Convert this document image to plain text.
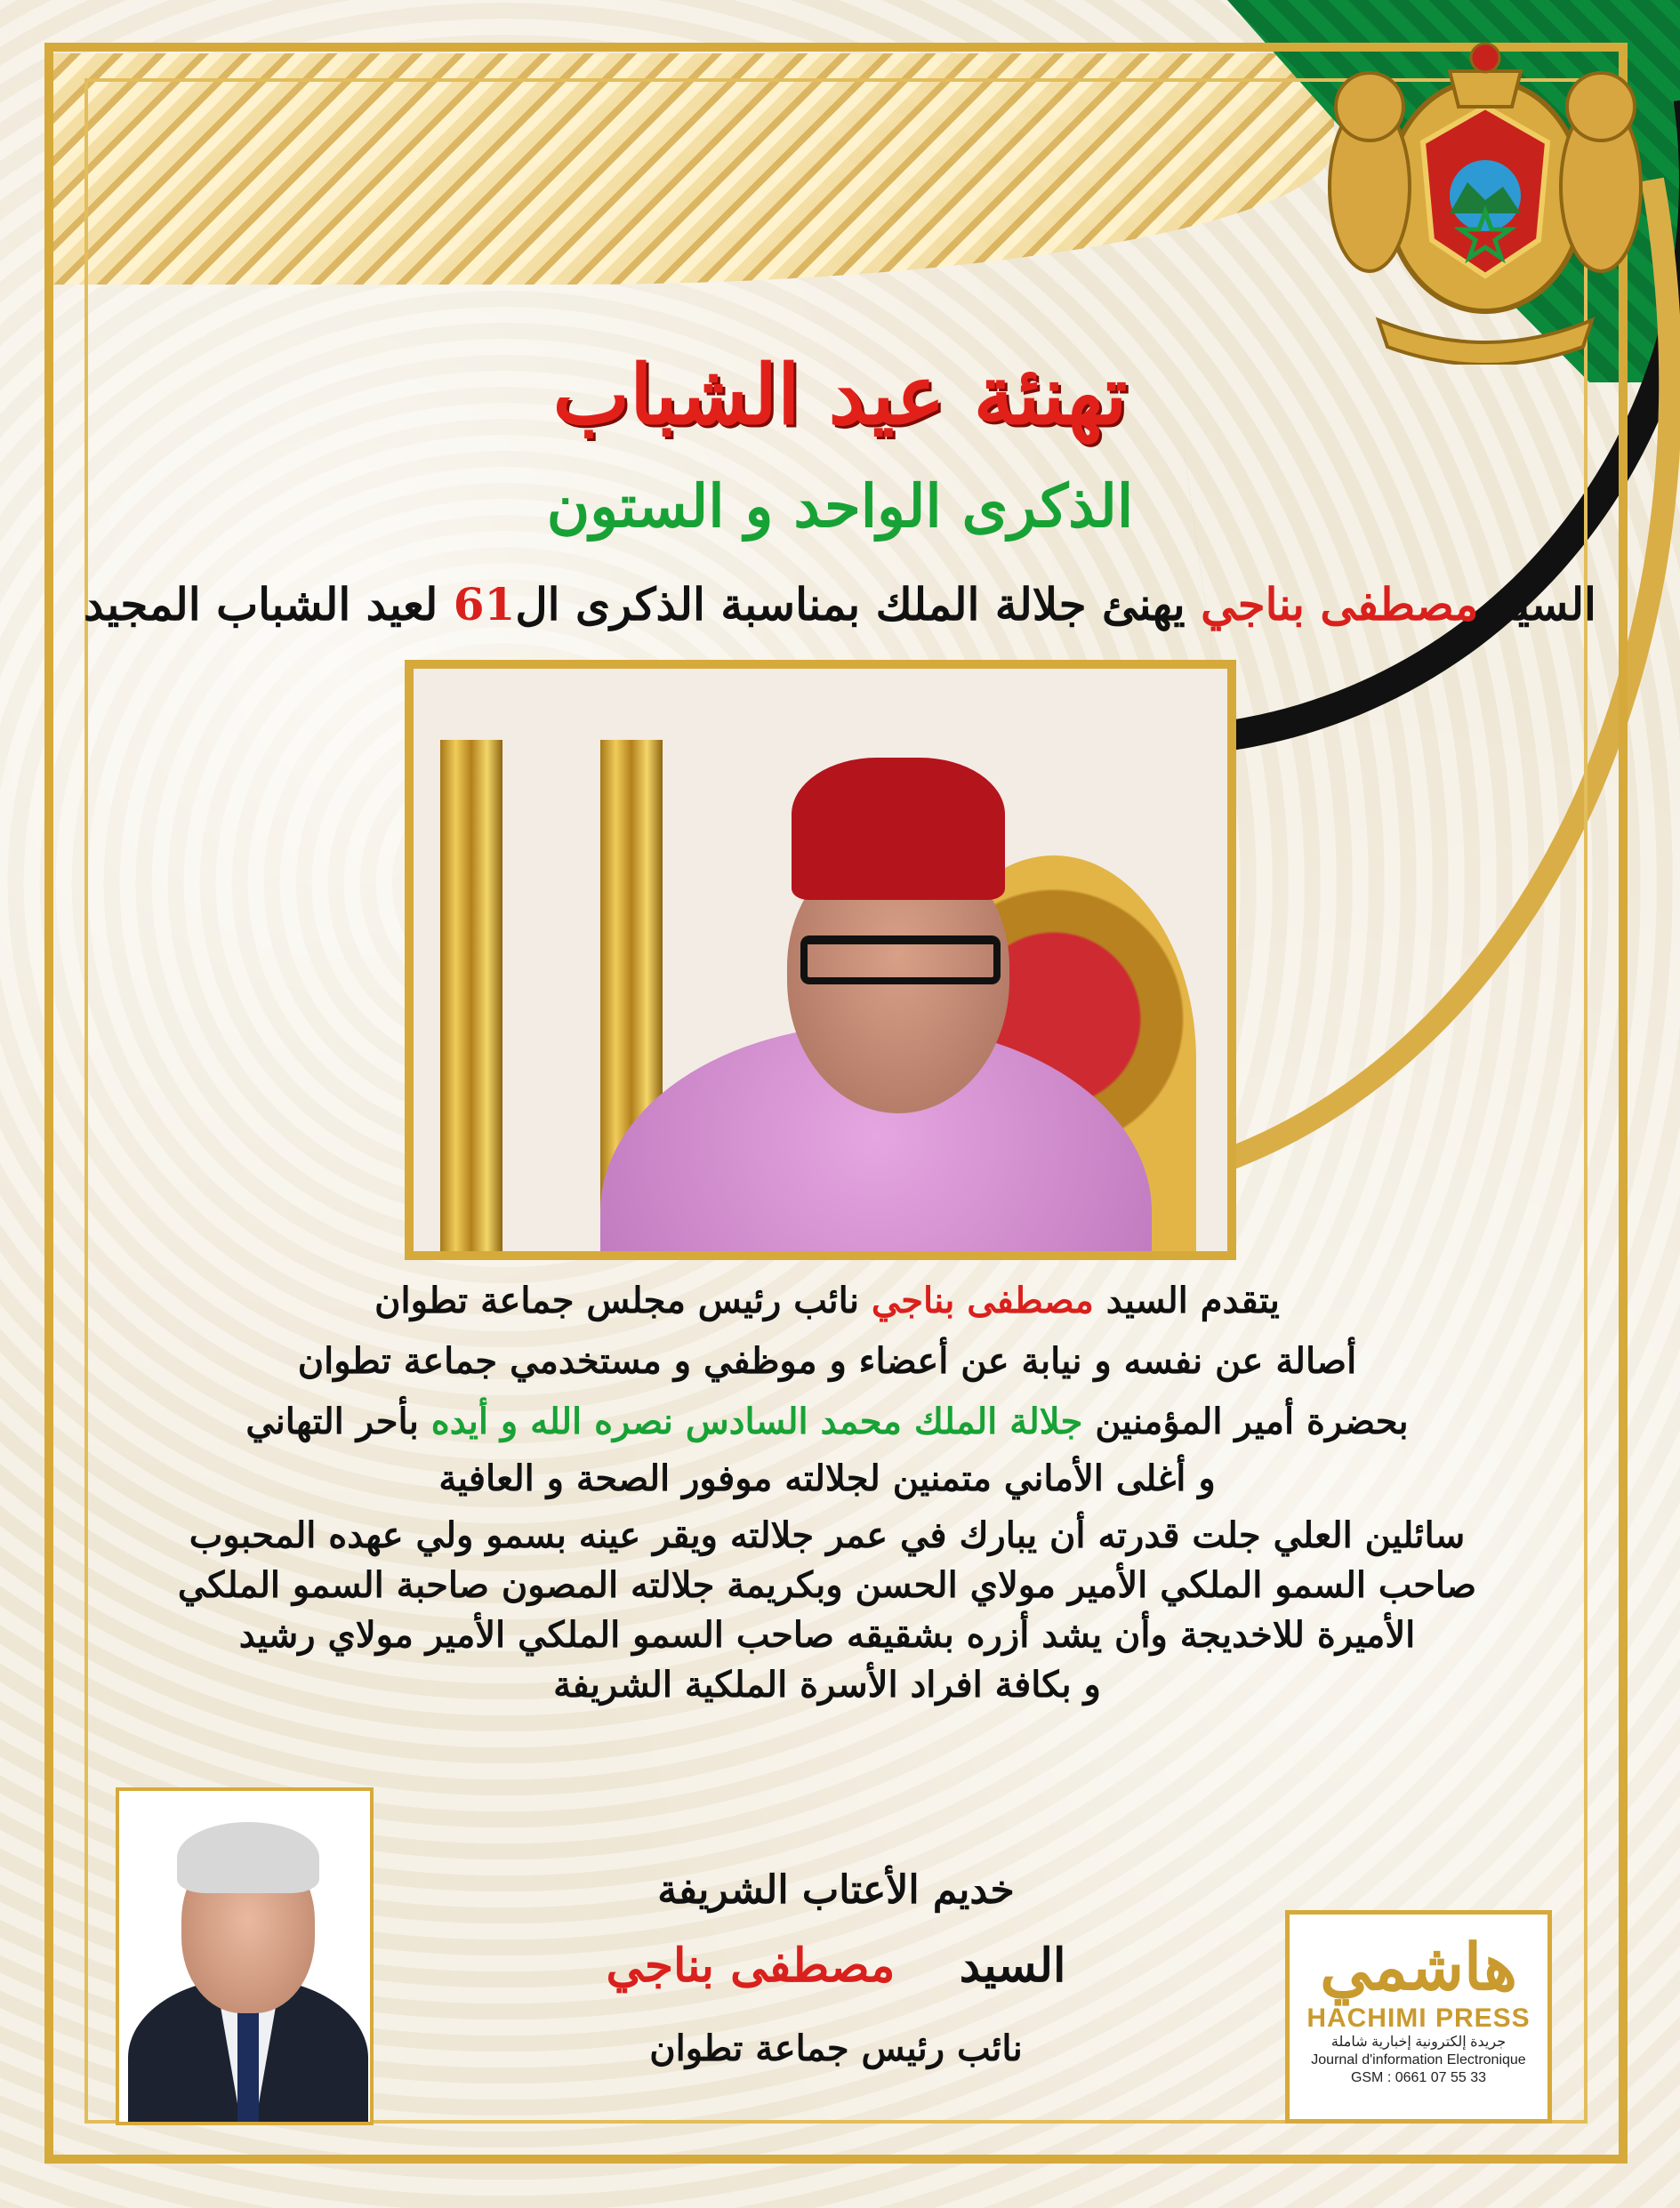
تهنئة عيد الشباب
الذكرى الواحد و الستون

السيد مصطفى بناجي يهنئ جلالة الملك بمناسبة الذكرى ال61 لعيد الشباب المجيد

يتقدم السيد مصطفى بناجي نائب رئيس مجلس جماعة تطوان
أصالة عن نفسه و نيابة عن أعضاء و موظفي و مستخدمي جماعة تطوان
بحضرة أمير المؤمنين جلالة الملك محمد السادس نصره الله و أيده بأحر التهاني
و أغلى الأماني متمنين لجلالته موفور الصحة و العافية
سائلين العلي جلت قدرته أن يبارك في عمر جلالته ويقر عينه بسمو ولي عهده المحبوب
صاحب السمو الملكي الأمير مولاي الحسن وبكريمة جلالته المصون صاحبة السمو الملكي
الأميرة للاخديجة وأن يشد أزره بشقيقه صاحب السمو الملكي الأمير مولاي رشيد
و بكافة افراد الأسرة الملكية الشريفة

خديم الأعتاب الشريفة

السيد    مصطفى بناجي

نائب رئيس جماعة تطوان

هاشمي
HACHIMI PRESS
جريدة إلكترونية إخبارية شاملة
Journal d'information Electronique
GSM : 0661 07 55 33
